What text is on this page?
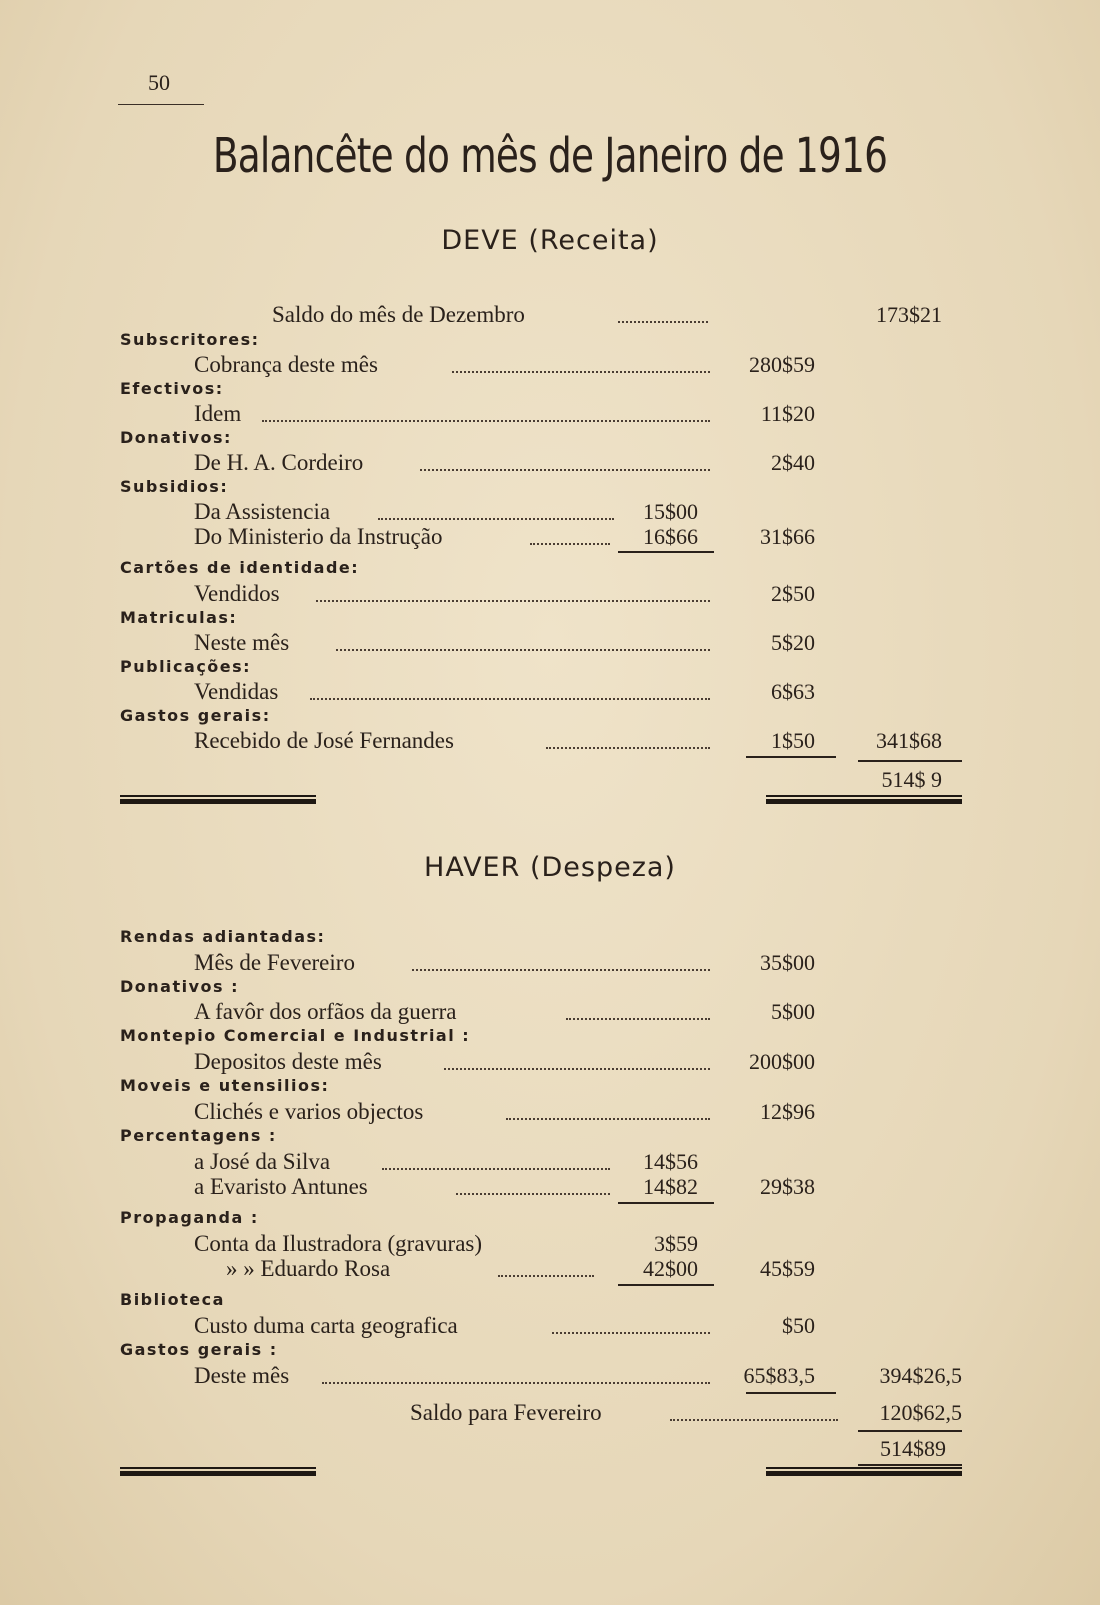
50
Balancête do mês de Janeiro de 1916
DEVE (Receita)
Saldo do mês de Dezembro	173$21
Subscritores:
Cobrança deste mês	280$59
Efectivos:
Idem	11$20
Donativos:
De H. A. Cordeiro	2$40
Subsidios:
Da Assistencia	15$00
Do Ministerio da Instrução	16$66	31$66
Cartões de identidade:
Vendidos	2$50
Matriculas:
Neste mês	5$20
Publicações:
Vendidas	6$63
Gastos gerais:
Recebido de José Fernandes	1$50	341$68
514$ 9
HAVER (Despeza)
Rendas adiantadas:
Mês de Fevereiro	35$00
Donativos :
A favôr dos orfãos da guerra	5$00
Montepio Comercial e Industrial :
Depositos deste mês	200$00
Moveis e utensilios:
Clichés e varios objectos	12$96
Percentagens :
a José da Silva	14$56
a Evaristo Antunes	14$82	29$38
Propaganda :
Conta da Ilustradora (gravuras)	3$59
» » Eduardo Rosa	42$00	45$59
Biblioteca
Custo duma carta geografica	$50
Gastos gerais :
Deste mês	65$83,5	394$26,5
Saldo para Fevereiro	120$62,5
514$89
